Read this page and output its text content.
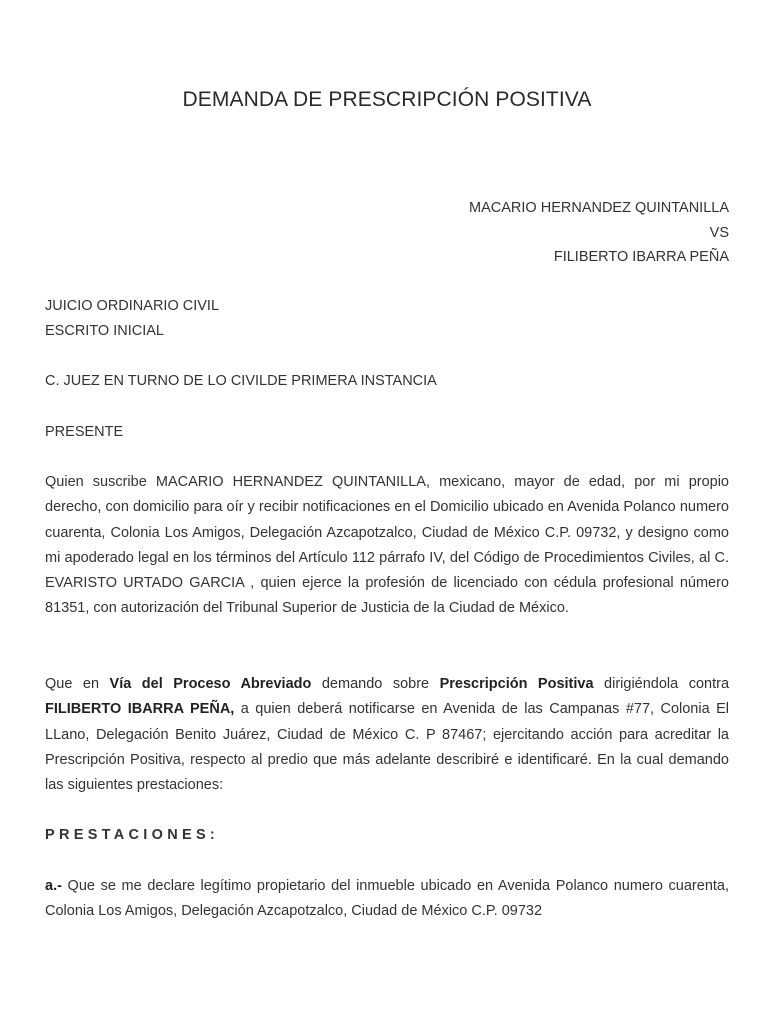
DEMANDA DE PRESCRIPCIÓN POSITIVA
MACARIO HERNANDEZ QUINTANILLA
VS
FILIBERTO IBARRA PEÑA
JUICIO ORDINARIO CIVIL
ESCRITO INICIAL
C. JUEZ EN TURNO DE LO CIVILDE PRIMERA INSTANCIA
PRESENTE

Quien suscribe MACARIO HERNANDEZ QUINTANILLA, mexicano, mayor de edad, por mi propio derecho, con domicilio para oír y recibir notificaciones en el Domicilio ubicado en Avenida Polanco numero cuarenta, Colonia Los Amigos, Delegación Azcapotzalco, Ciudad de México C.P. 09732, y designo como mi apoderado legal en los términos del Artículo 112 párrafo IV, del Código de Procedimientos Civiles, al C. EVARISTO URTADO GARCIA , quien ejerce la profesión de licenciado con cédula profesional número 81351, con autorización del Tribunal Superior de Justicia de la Ciudad de México.

Que en Vía del Proceso Abreviado demando sobre Prescripción Positiva dirigiéndola contra FILIBERTO IBARRA PEÑA, a quien deberá notificarse en Avenida de las Campanas #77, Colonia El LLano, Delegación Benito Juárez, Ciudad de México C. P 87467; ejercitando acción para acreditar la Prescripción Positiva, respecto al predio que más adelante describiré e identificaré. En la cual demando las siguientes prestaciones:

PRESTACIONES:

a.- Que se me declare legítimo propietario del inmueble ubicado en Avenida Polanco numero cuarenta, Colonia Los Amigos, Delegación Azcapotzalco, Ciudad de México C.P. 09732
